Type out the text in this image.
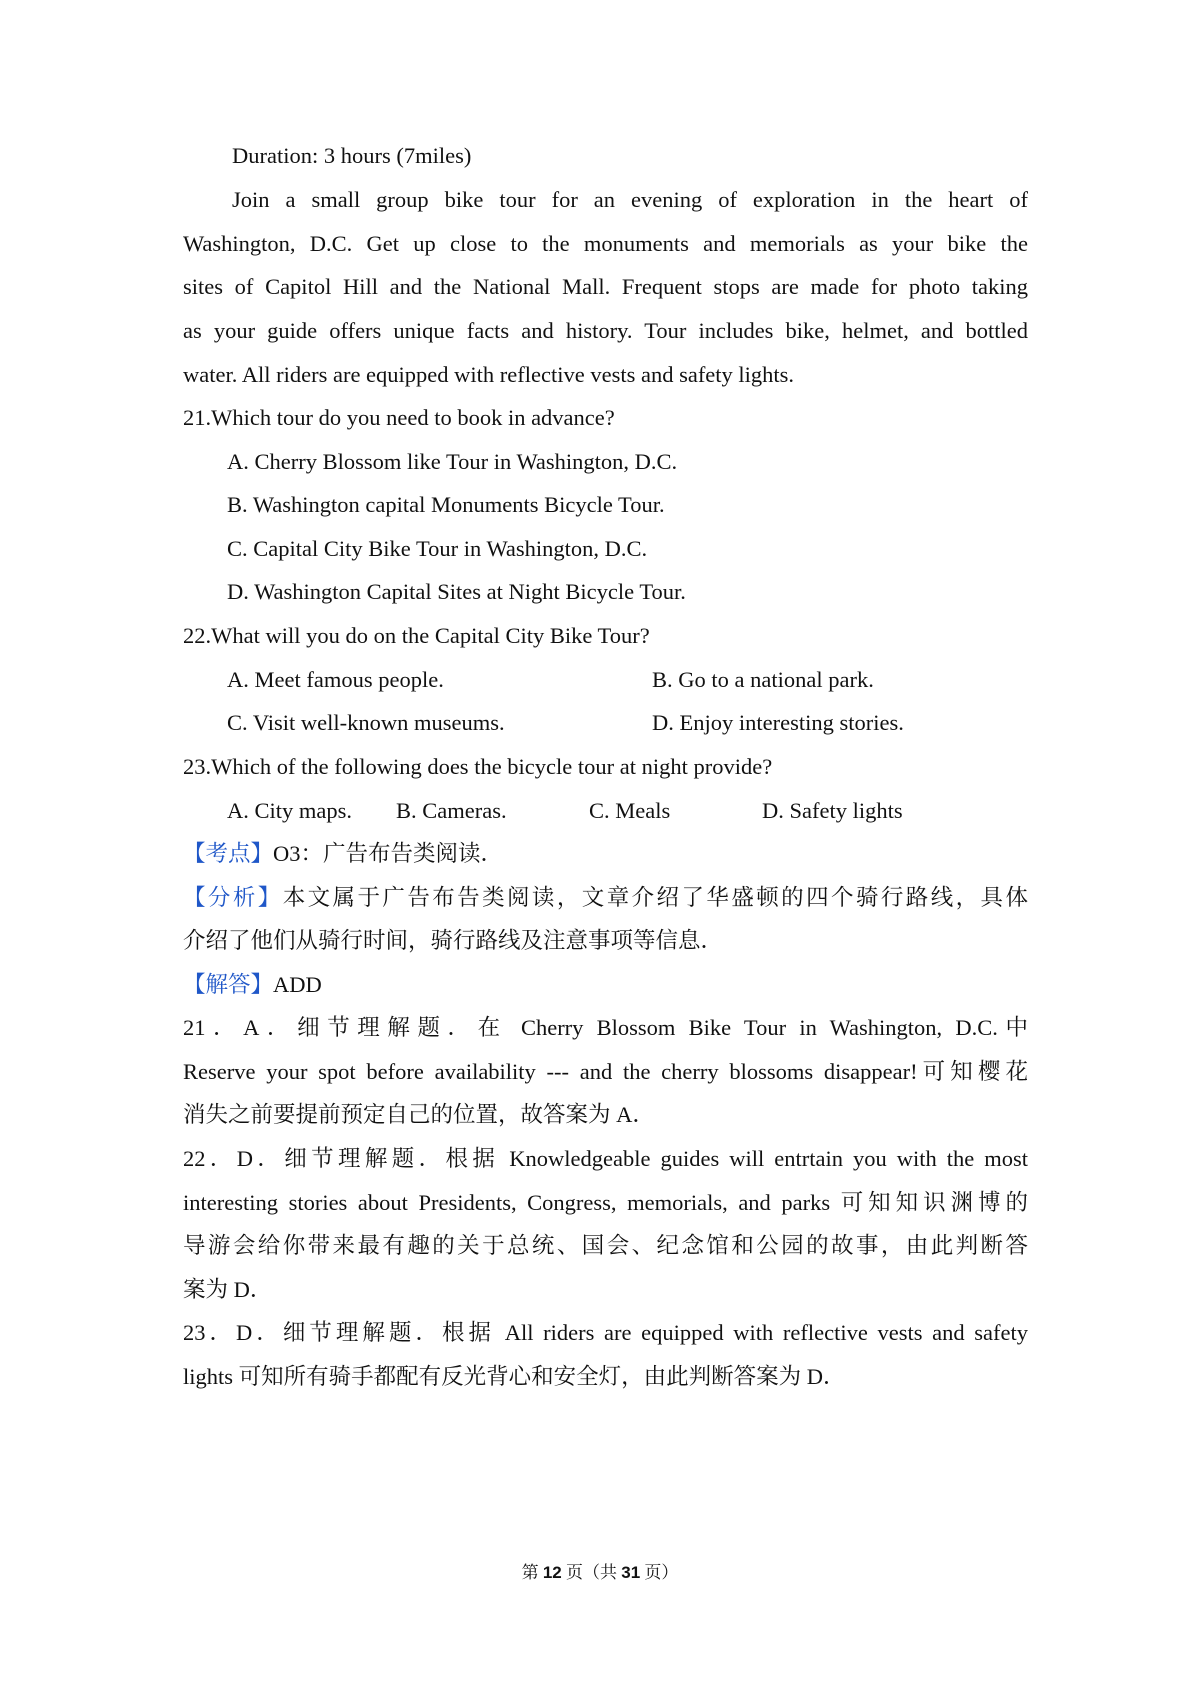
Duration: 3 hours (7miles)
Join a small group bike tour for an evening of exploration in the heart of
Washington, D.C. Get up close to the monuments and memorials as your bike the
sites of Capitol Hill and the National Mall. Frequent stops are made for photo taking
as your guide offers unique facts and history. Tour includes bike, helmet, and bottled
water. All riders are equipped with reflective vests and safety lights.
21.Which tour do you need to book in advance?
A. Cherry Blossom like Tour in Washington, D.C.
B. Washington capital Monuments Bicycle Tour.
C. Capital City Bike Tour in Washington, D.C.
D. Washington Capital Sites at Night Bicycle Tour.
22.What will you do on the Capital City Bike Tour?
A. Meet famous people.	B. Go to a national park.
C. Visit well-known museums.	D. Enjoy interesting stories.
23.Which of the following does the bicycle tour at night provide?
A. City maps. B. Cameras.	C. Meals	D. Safety lights
【考点】O3：广告布告类阅读．
【分析】本文属于广告布告类阅读，文章介绍了华盛顿的四个骑行路线，具体
介绍了他们从骑行时间，骑行路线及注意事项等信息．
【解答】ADD
21．A．细节理解题．在 Cherry Blossom Bike Tour in Washington, D.C.中
Reserve your spot before availability --- and the cherry blossoms disappear!可知樱花
消失之前要提前预定自己的位置，故答案为 A．
22．D．细节理解题．根据 Knowledgeable guides will entrtain you with the most
interesting stories about Presidents, Congress, memorials, and parks 可知知识渊博的
导游会给你带来最有趣的关于总统、国会、纪念馆和公园的故事，由此判断答
案为 D．
23．D．细节理解题．根据 All riders are equipped with reflective vests and safety
lights 可知所有骑手都配有反光背心和安全灯，由此判断答案为 D．
第 12 页（共 31 页）
